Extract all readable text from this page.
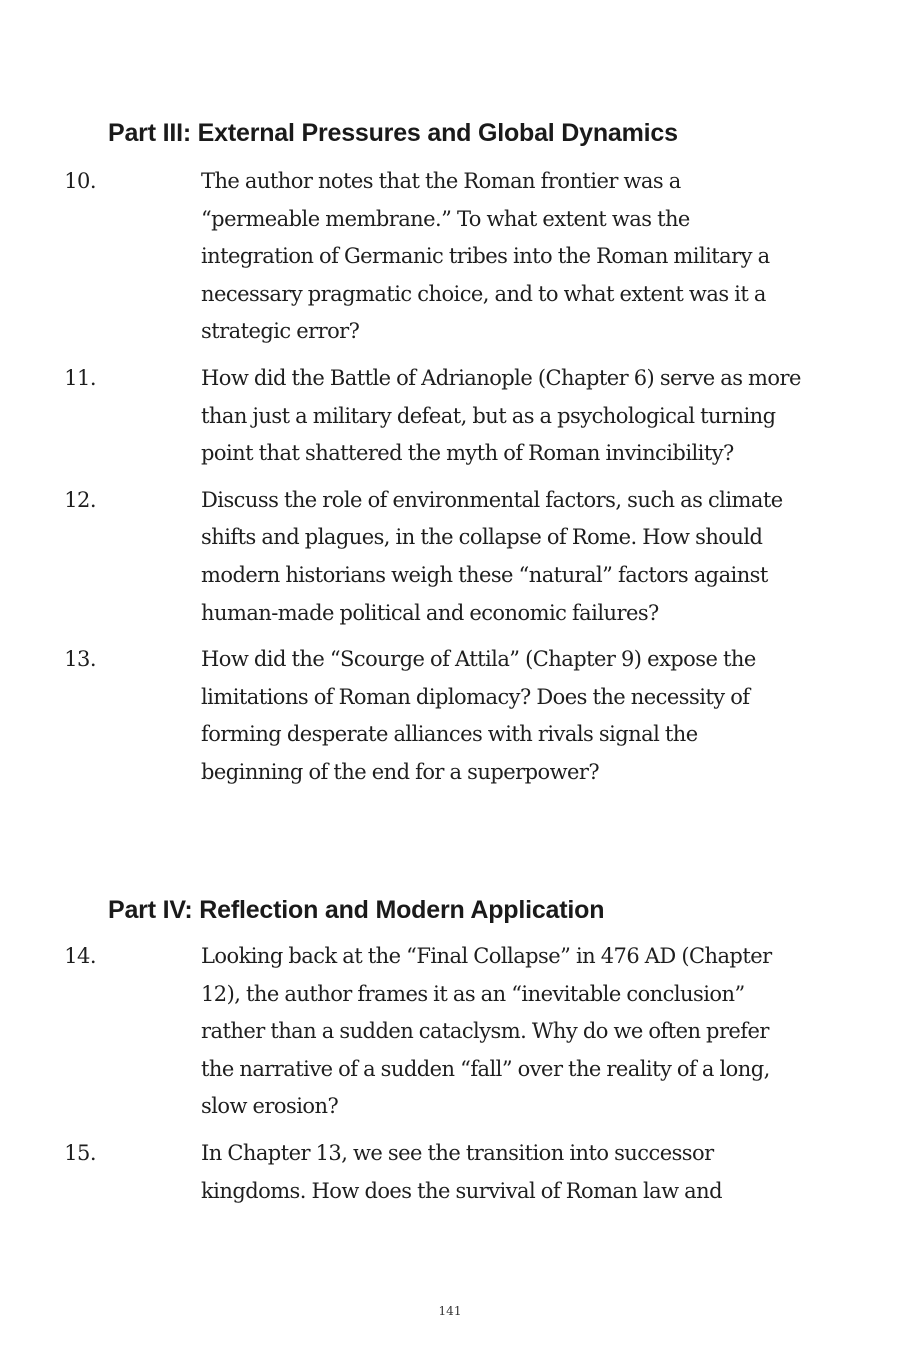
Part III: External Pressures and Global Dynamics
10.	The author notes that the Roman frontier was a “permeable membrane.” To what extent was the integration of Germanic tribes into the Roman military a necessary pragmatic choice, and to what extent was it a strategic error?
11.	How did the Battle of Adrianople (Chapter 6) serve as more than just a military defeat, but as a psychological turning point that shattered the myth of Roman invincibility?
12.	Discuss the role of environmental factors, such as climate shifts and plagues, in the collapse of Rome. How should modern historians weigh these “natural” factors against human-made political and economic failures?
13.	How did the “Scourge of Attila” (Chapter 9) expose the limitations of Roman diplomacy? Does the necessity of forming desperate alliances with rivals signal the beginning of the end for a superpower?
Part IV: Reflection and Modern Application
14.	Looking back at the “Final Collapse” in 476 AD (Chapter 12), the author frames it as an “inevitable conclusion” rather than a sudden cataclysm. Why do we often prefer the narrative of a sudden “fall” over the reality of a long, slow erosion?
15.	In Chapter 13, we see the transition into successor kingdoms. How does the survival of Roman law and
141
